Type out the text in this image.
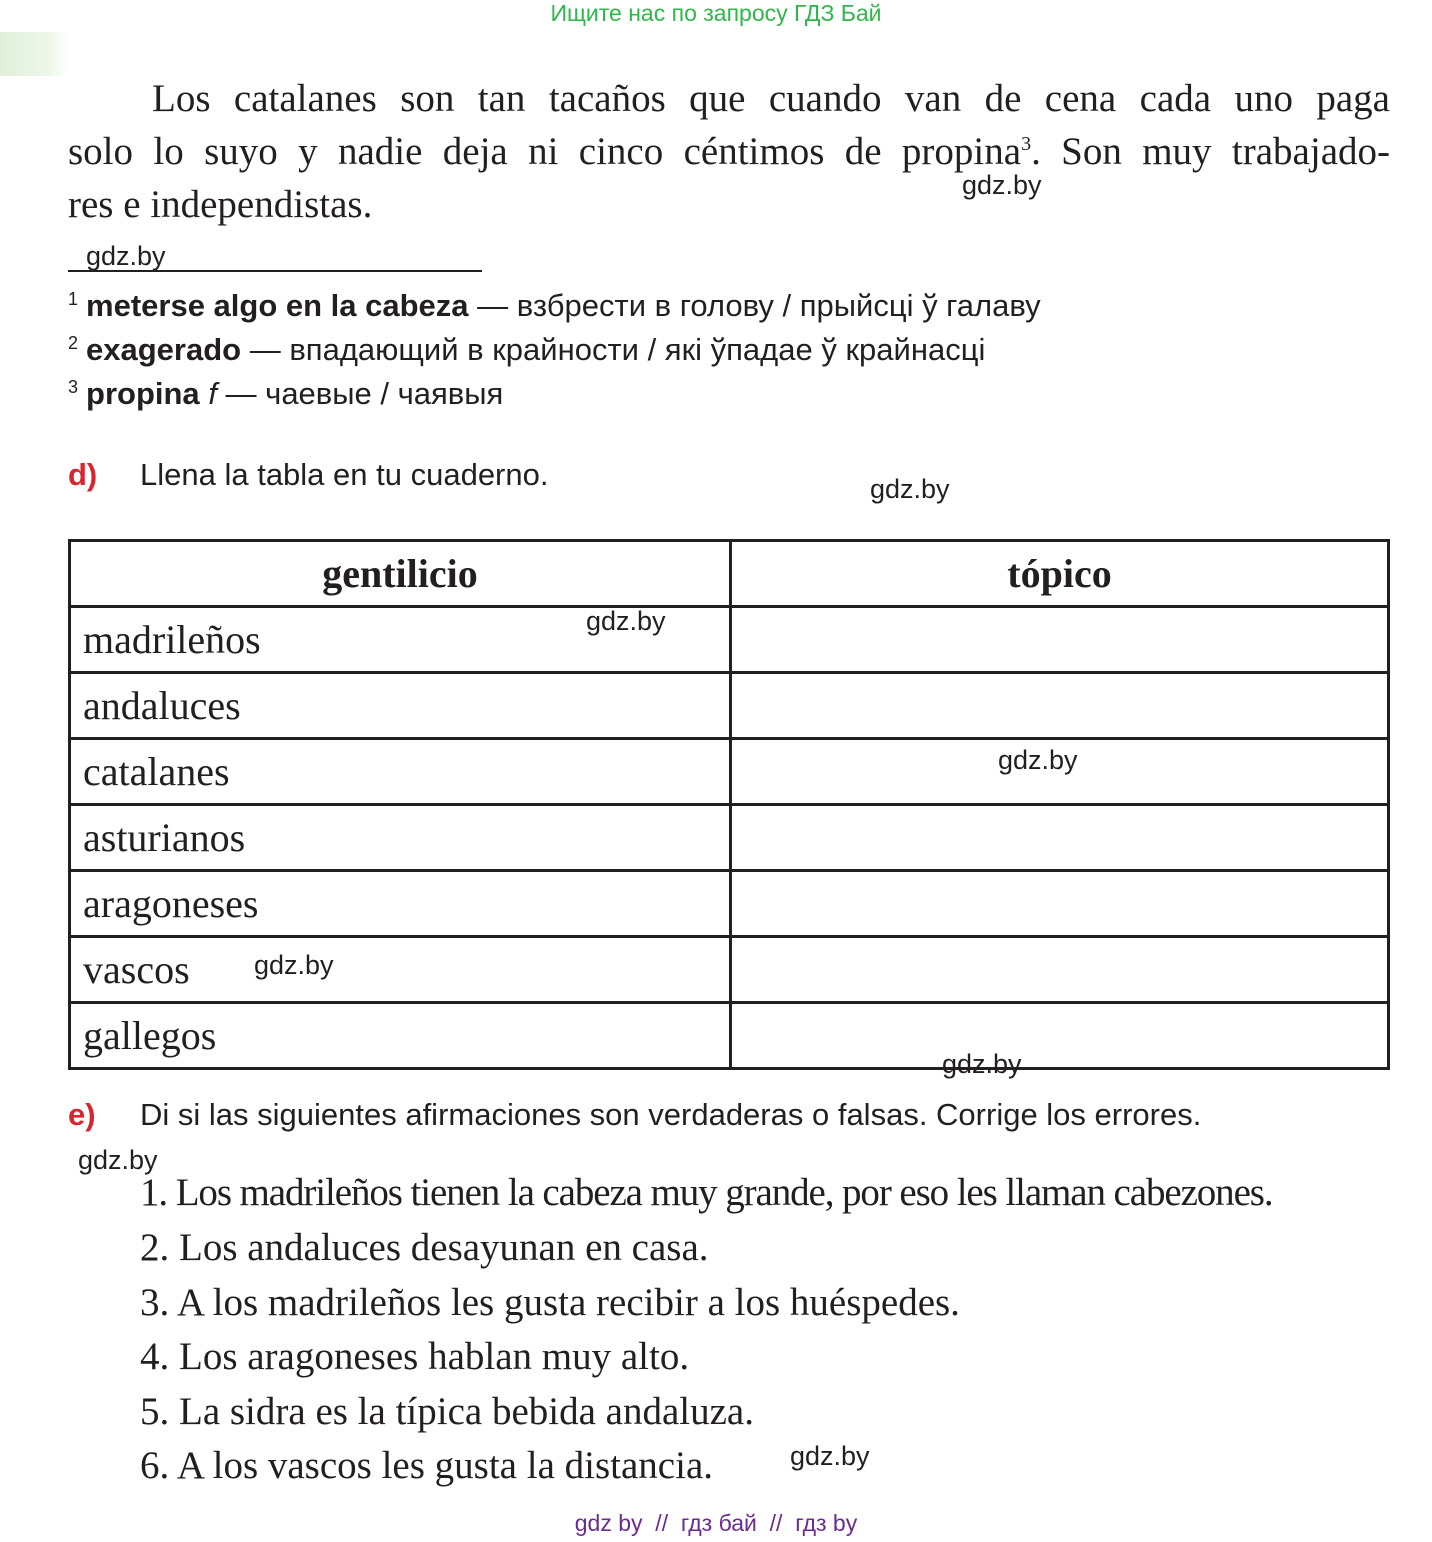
Ищите нас по запросу ГДЗ Бай
Los catalanes son tan tacaños que cuando van de cena cada uno paga
solo lo suyo y nadie deja ni cinco céntimos de propina$^3$. Son muy trabajado-
res e independistas.	gdz.by
gdz.by
$^1$ meterse algo en la cabeza — взбрести в голову / прыйсці ў галаву
$^2$ exagerado — впадающий в крайности / які ўпадае ў крайнасці
$^3$ propina f — чаевые / чаявыя
d) Llena la tabla en tu cuaderno.	gdz.by
gentilicio	tópico
madrileños	
andaluces	
catalanes	
asturianos	
aragoneses	
vascos	
gallegos	
gdz.by
gdz.by
gdz.by
gdz.by
e) Di si las siguientes afirmaciones son verdaderas o falsas. Corrige los errores.
gdz.by
1. Los madrileños tienen la cabeza muy grande, por eso les llaman cabezones.
2. Los andaluces desayunan en casa.
3. A los madrileños les gusta recibir a los huéspedes.
4. Los aragoneses hablan muy alto.
5. La sidra es la típica bebida andaluza.
6. A los vascos les gusta la distancia.	gdz.by
gdz by  //  гдз бай  //  гдз by
